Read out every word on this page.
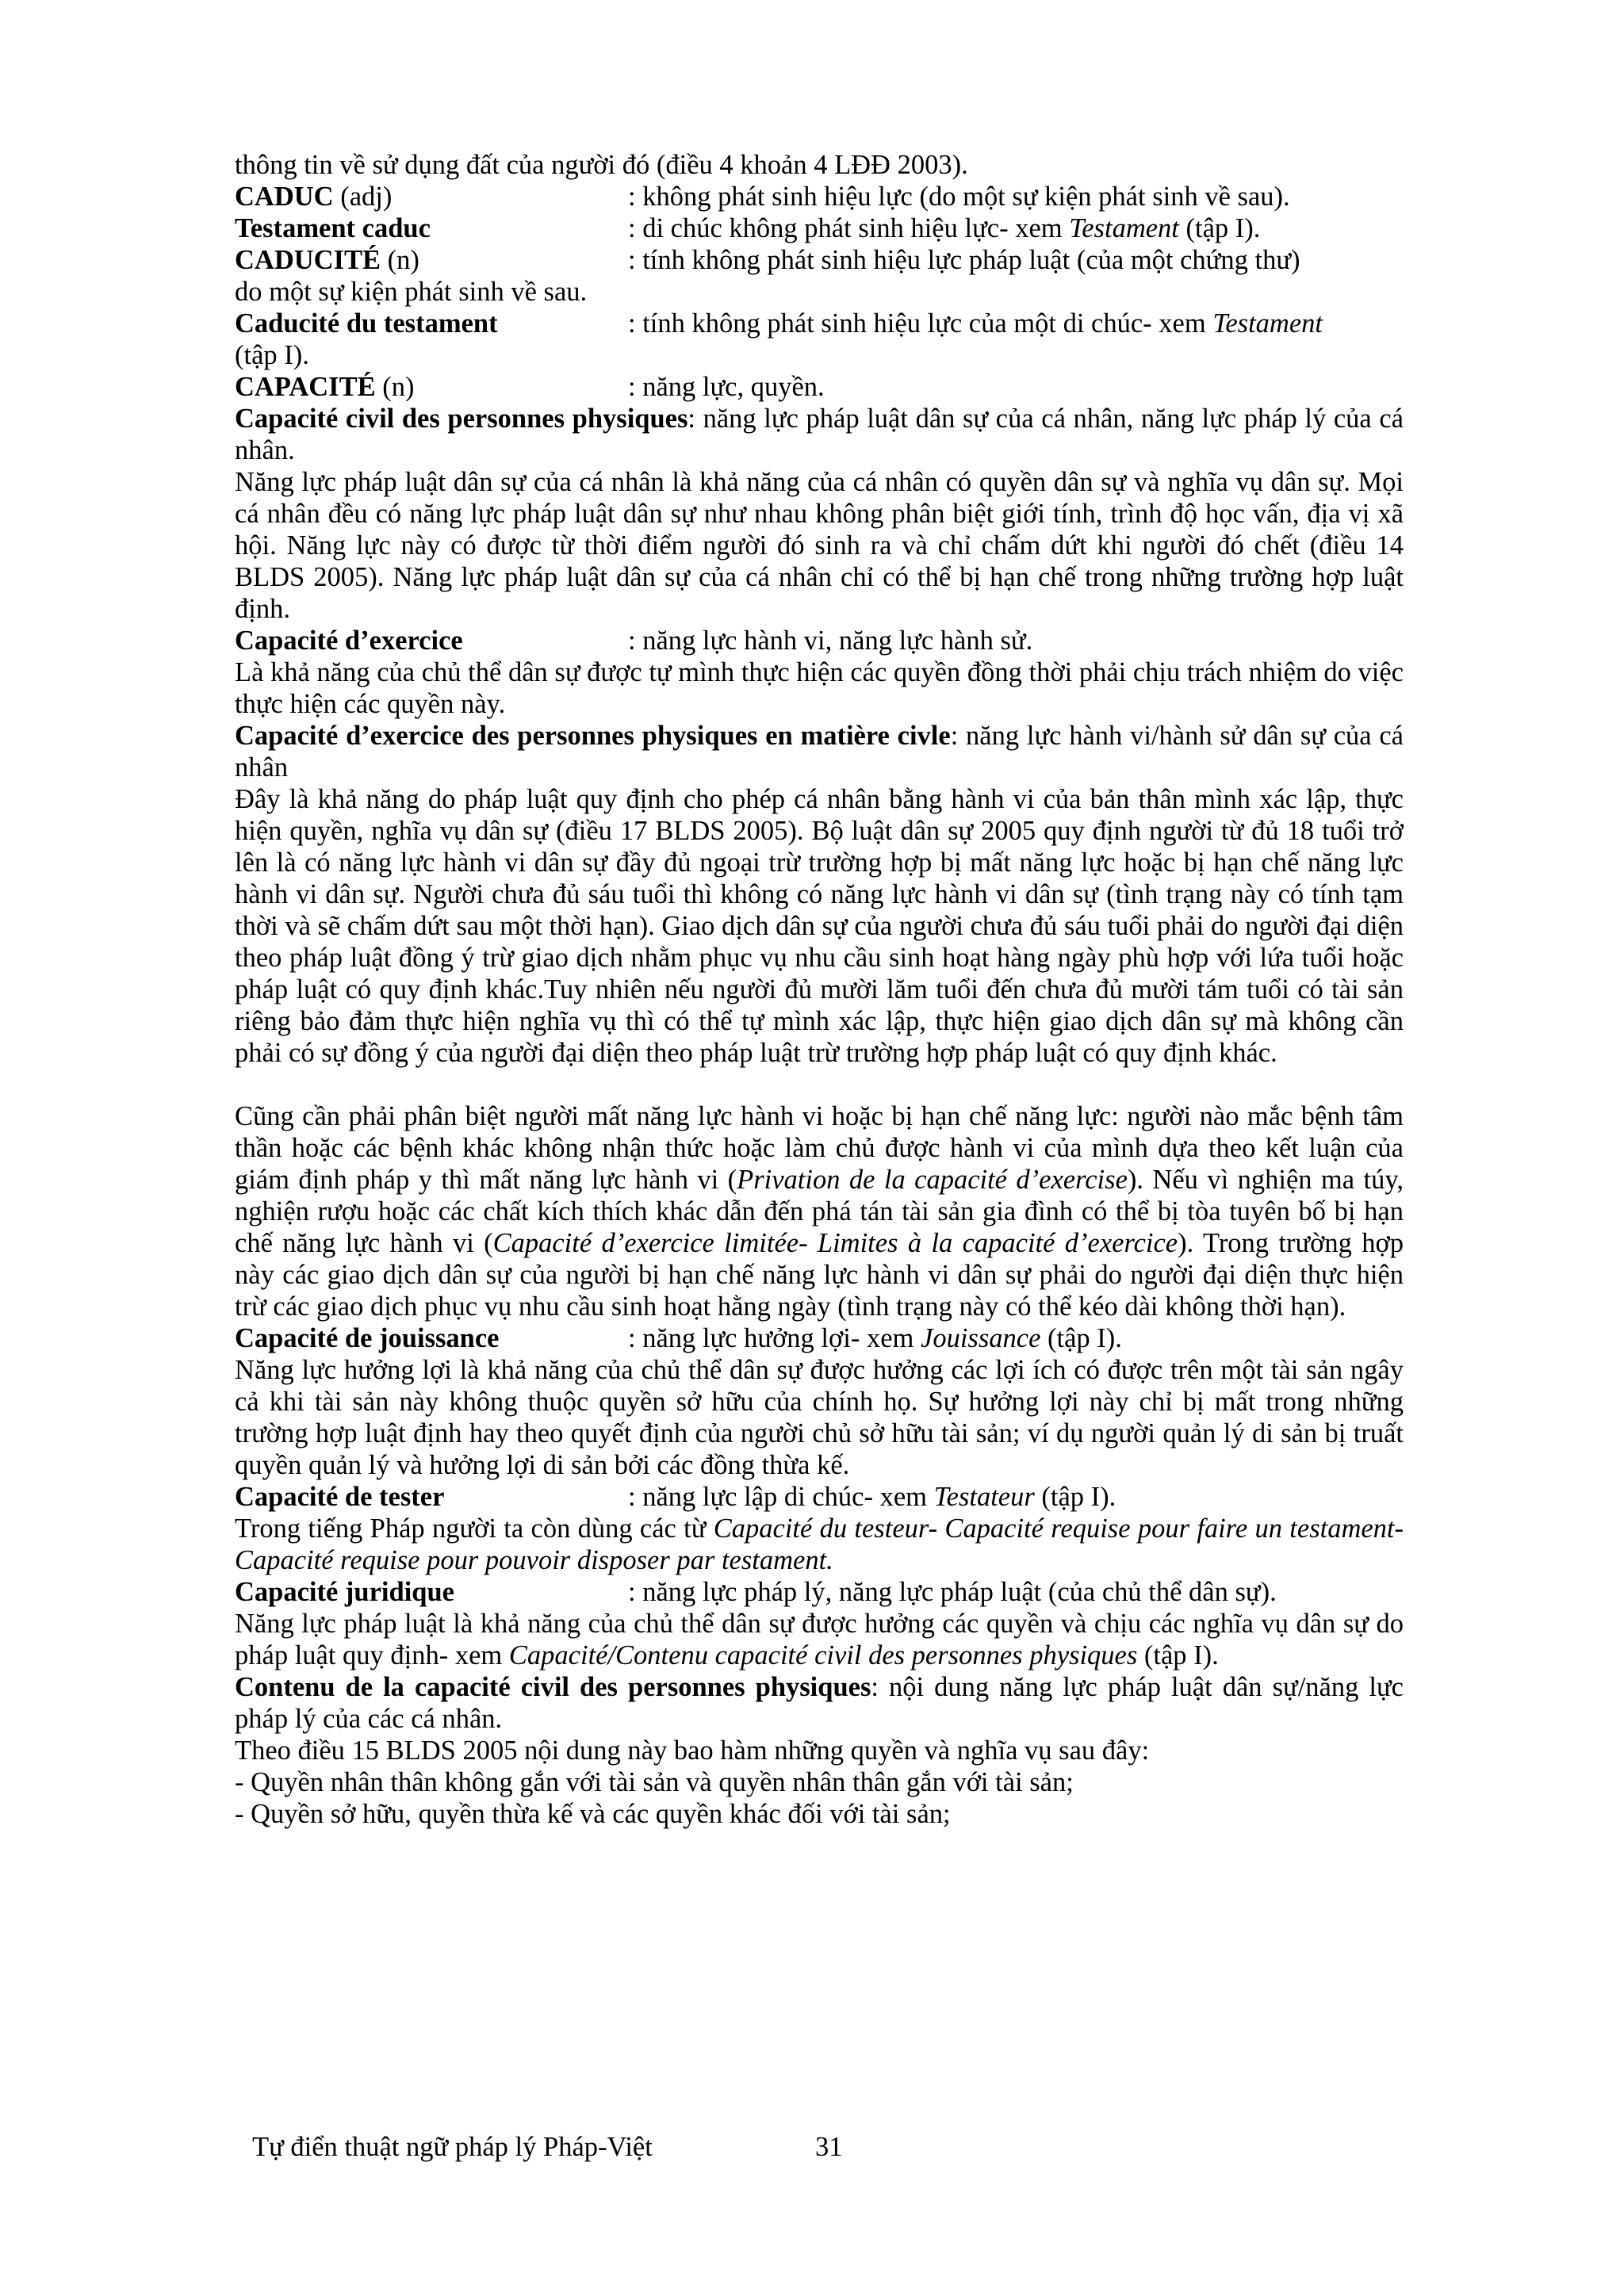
thông tin về sử dụng đất của người đó (điều 4 khoản 4 LĐĐ 2003).

CADUC (adj)	: không phát sinh hiệu lực (do một sự kiện phát sinh về sau).
Testament caduc	: di chúc không phát sinh hiệu lực- xem Testament (tập I).
CADUCITÉ (n)	: tính không phát sinh hiệu lực pháp luật (của một chứng thư)

do một sự kiện phát sinh về sau.

Caducité du testament	: tính không phát sinh hiệu lực của một di chúc- xem Testament

(tập I).

CAPACITÉ (n)	: năng lực, quyền.

Capacité civil des personnes physiques: năng lực pháp luật dân sự của cá nhân, năng lực pháp lý của cá nhân.

Năng lực pháp luật dân sự của cá nhân là khả năng của cá nhân có quyền dân sự và nghĩa vụ dân sự. Mọi cá nhân đều có năng lực pháp luật dân sự như nhau không phân biệt giới tính, trình độ học vấn, địa vị xã hội. Năng lực này có được từ thời điểm người đó sinh ra và chỉ chấm dứt khi người đó chết (điều 14 BLDS 2005). Năng lực pháp luật dân sự của cá nhân chỉ có thể bị hạn chế trong những trường hợp luật định.

Capacité d’exercice	: năng lực hành vi, năng lực hành sử.

Là khả năng của chủ thể dân sự được tự mình thực hiện các quyền đồng thời phải chịu trách nhiệm do việc thực hiện các quyền này.

Capacité d’exercice des personnes physiques en matière civle: năng lực hành vi/hành sử dân sự của cá nhân

Đây là khả năng do pháp luật quy định cho phép cá nhân bằng hành vi của bản thân mình xác lập, thực hiện quyền, nghĩa vụ dân sự (điều 17 BLDS 2005). Bộ luật dân sự 2005 quy định người từ đủ 18 tuổi trở lên là có năng lực hành vi dân sự đầy đủ ngoại trừ trường hợp bị mất năng lực hoặc bị hạn chế năng lực hành vi dân sự. Người chưa đủ sáu tuổi thì không có năng lực hành vi dân sự (tình trạng này có tính tạm thời và sẽ chấm dứt sau một thời hạn). Giao dịch dân sự của người chưa đủ sáu tuổi phải do người đại diện theo pháp luật đồng ý trừ giao dịch nhằm phục vụ nhu cầu sinh hoạt hàng ngày phù hợp với lứa tuổi hoặc pháp luật có quy định khác.Tuy nhiên nếu người đủ mười lăm tuổi đến chưa đủ mười tám tuổi có tài sản riêng bảo đảm thực hiện nghĩa vụ thì có thể tự mình xác lập, thực hiện giao dịch dân sự mà không cần phải có sự đồng ý của người đại diện theo pháp luật trừ trường hợp pháp luật có quy định khác.

Cũng cần phải phân biệt người mất năng lực hành vi hoặc bị hạn chế năng lực: người nào mắc bệnh tâm thần hoặc các bệnh khác không nhận thức hoặc làm chủ được hành vi của mình dựa theo kết luận của giám định pháp y thì mất năng lực hành vi (Privation de la capacité d’exercise). Nếu vì nghiện ma túy, nghiện rượu hoặc các chất kích thích khác dẫn đến phá tán tài sản gia đình có thể bị tòa tuyên bố bị hạn chế năng lực hành vi (Capacité d’exercice limitée- Limites à la capacité d’exercice). Trong trường hợp này các giao dịch dân sự của người bị hạn chế năng lực hành vi dân sự phải do người đại diện thực hiện trừ các giao dịch phục vụ nhu cầu sinh hoạt hằng ngày (tình trạng này có thể kéo dài không thời hạn).

Capacité de jouissance	: năng lực hưởng lợi- xem Jouissance (tập I).

Năng lực hưởng lợi là khả năng của chủ thể dân sự được hưởng các lợi ích có được trên một tài sản ngây cả khi tài sản này không thuộc quyền sở hữu của chính họ. Sự hưởng lợi này chỉ bị mất trong những trường hợp luật định hay theo quyết định của người chủ sở hữu tài sản; ví dụ người quản lý di sản bị truất quyền quản lý và hưởng lợi di sản bởi các đồng thừa kế.

Capacité de tester	: năng lực lập di chúc- xem Testateur (tập I).

Trong tiếng Pháp người ta còn dùng các từ Capacité du testeur- Capacité requise pour faire un testament- Capacité requise pour pouvoir disposer par testament.

Capacité juridique	: năng lực pháp lý, năng lực pháp luật (của chủ thể dân sự).

Năng lực pháp luật là khả năng của chủ thể dân sự được hưởng các quyền và chịu các nghĩa vụ dân sự do pháp luật quy định- xem Capacité/Contenu capacité civil des personnes physiques (tập I).

Contenu de la capacité civil des personnes physiques: nội dung năng lực pháp luật dân sự/năng lực pháp lý của các cá nhân.

Theo điều 15 BLDS 2005 nội dung này bao hàm những quyền và nghĩa vụ sau đây:

- Quyền nhân thân không gắn với tài sản và quyền nhân thân gắn với tài sản;

- Quyền sở hữu, quyền thừa kế và các quyền khác đối với tài sản;

Tự điển thuật ngữ pháp lý Pháp-Việt	31
